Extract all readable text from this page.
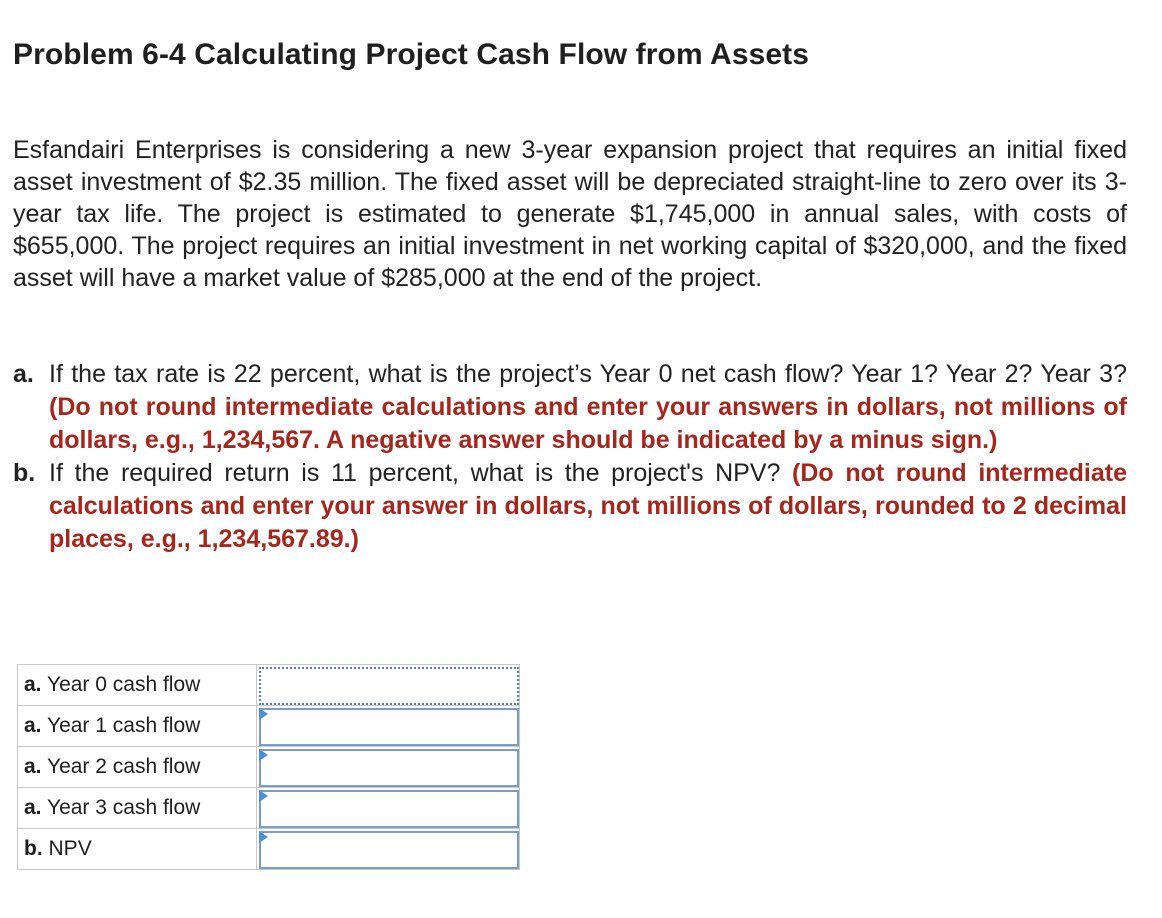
Problem 6-4 Calculating Project Cash Flow from Assets

Esfandairi Enterprises is considering a new 3-year expansion project that requires an initial fixed asset investment of $2.35 million. The fixed asset will be depreciated straight-line to zero over its 3-year tax life. The project is estimated to generate $1,745,000 in annual sales, with costs of $655,000. The project requires an initial investment in net working capital of $320,000, and the fixed asset will have a market value of $285,000 at the end of the project.

a. If the tax rate is 22 percent, what is the project’s Year 0 net cash flow? Year 1? Year 2? Year 3? (Do not round intermediate calculations and enter your answers in dollars, not millions of dollars, e.g., 1,234,567. A negative answer should be indicated by a minus sign.)
b. If the required return is 11 percent, what is the project's NPV? (Do not round intermediate calculations and enter your answer in dollars, not millions of dollars, rounded to 2 decimal places, e.g., 1,234,567.89.)
a. Year 0 cash flow	

a. Year 1 cash flow	

a. Year 2 cash flow	

a. Year 3 cash flow	

b. NPV	
